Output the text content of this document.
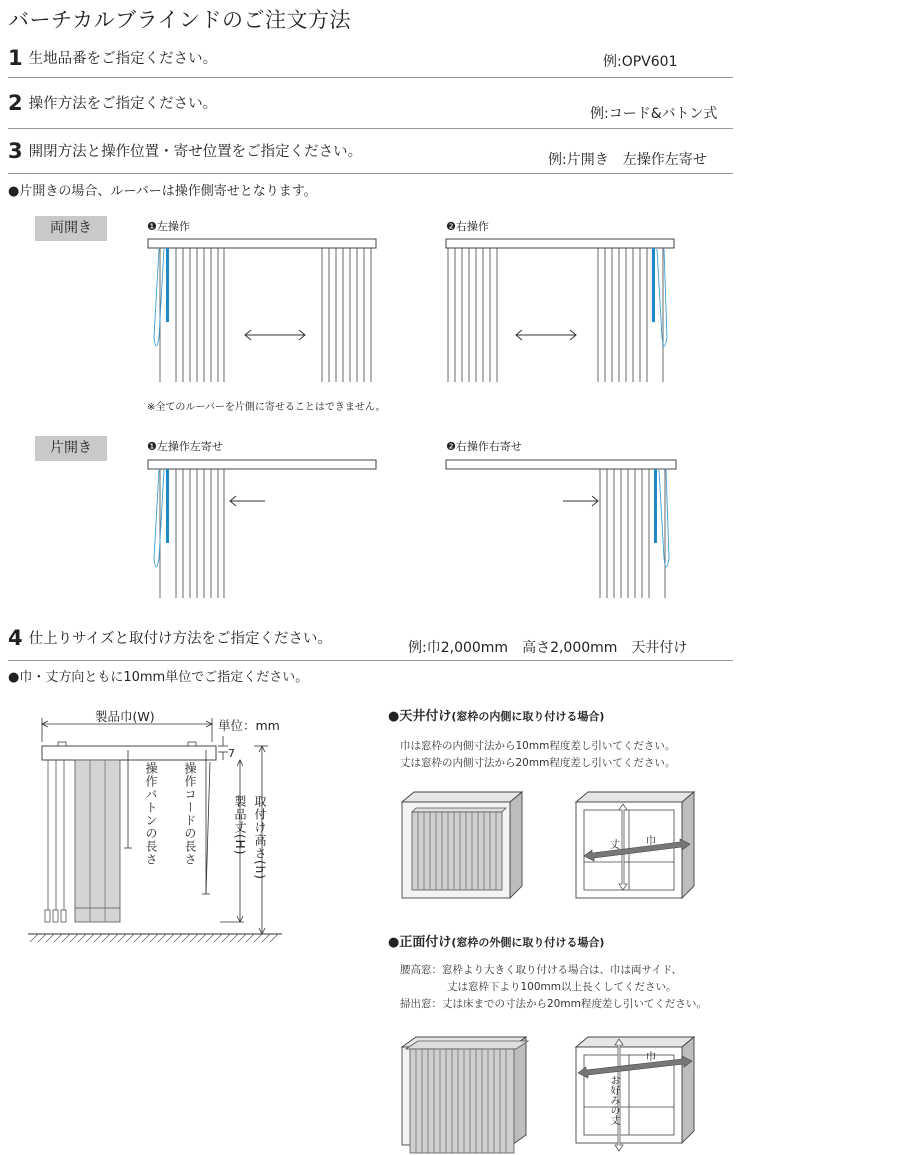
バーチカルブラインドのご注文方法
1 生地品番をご指定ください。	例:OPV601
2 操作方法をご指定ください。
例:コード&バトン式
3 開閉方法と操作位置・寄せ位置をご指定ください。	例:片開き　左操作左寄せ
●片開きの場合、ルーバーは操作側寄せとなります。
両開き	❶左操作	❷右操作
※全てのルーバーを片側に寄せることはできません。
片開き	❶左操作左寄せ	❷右操作右寄せ
4 仕上りサイズと取付け方法をご指定ください。
例:巾2,000mm　高さ2,000mm　天井付け
●巾・丈方向ともに10mm単位でご指定ください。
製品巾(W)
単位：mm
7
操作バトンの長さ 操作コードの長さ	製品丈(H) 取付け高さ(h)
●天井付け(窓枠の内側に取り付ける場合)
巾は窓枠の内側寸法から10mm程度差し引いてください。
丈は窓枠の内側寸法から20mm程度差し引いてください。
丈	巾
●正面付け(窓枠の外側に取り付ける場合)
腰高窓：窓枠より大きく取り付ける場合は、巾は両サイド、
丈は窓枠下より100mm以上長くしてください。
掃出窓：丈は床までの寸法から20mm程度差し引いてください。
巾
お好みの丈
